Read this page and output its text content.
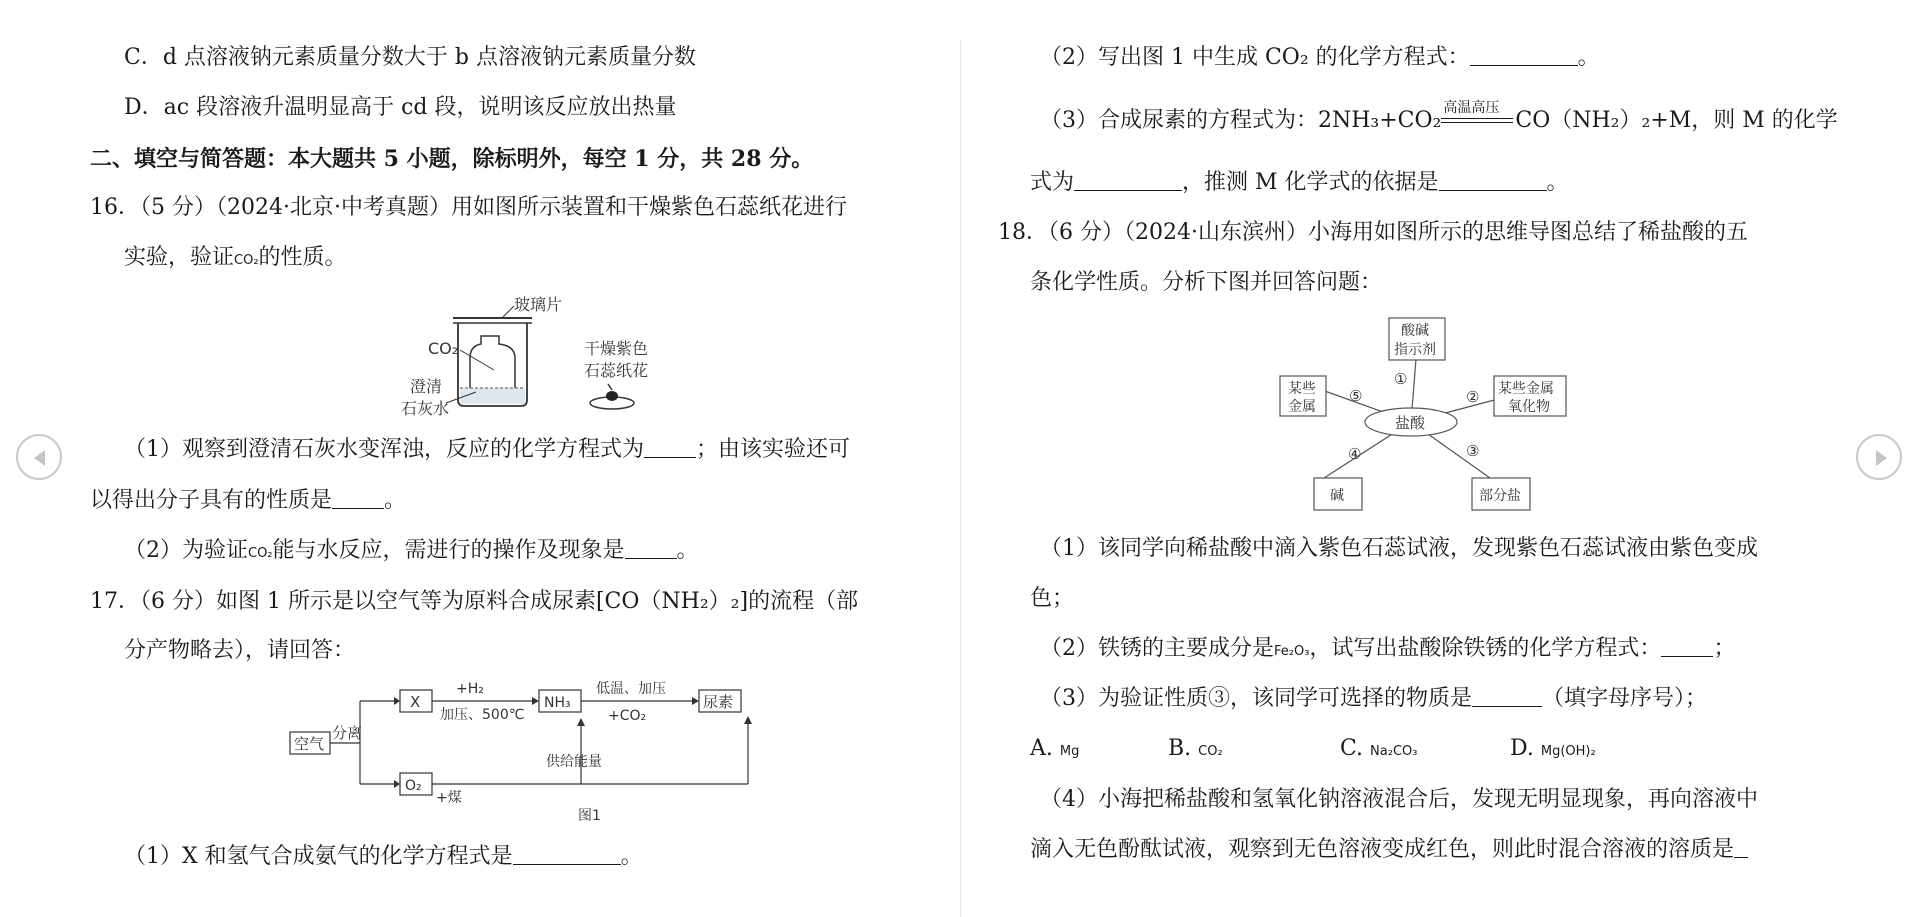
C．d 点溶液钠元素质量分数大于 b 点溶液钠元素质量分数
D．ac 段溶液升温明显高于 cd 段，说明该反应放出热量
二、填空与简答题：本大题共 5 小题，除标明外，每空 1 分，共 28 分。
16．（5 分）（2024·北京·中考真题）用如图所示装置和干燥紫色石蕊纸花进行
实验，验证CO₂的性质。
玻璃片
CO₂
澄清
石灰水
干燥紫色
石蕊纸花
（1）观察到澄清石灰水变浑浊，反应的化学方程式为 ；由该实验还可
以得出分子具有的性质是 。
（2）为验证CO₂能与水反应，需进行的操作及现象是 。
17．（6 分）如图 1 所示是以空气等为原料合成尿素[CO（NH₂）₂]的流程（部
分产物略去），请回答：
空气
分离
X
+H₂
加压、500℃
NH₃
低温、加压
+CO₂
尿素
O₂
供给能量
+煤
图1
（1）X 和氢气合成氨气的化学方程式是	。
（2）写出图 1 中生成 CO₂ 的化学方程式：	。
（3）合成尿素的方程式为：2NH₃+CO₂ 高温高压 CO（NH₂）₂+M，则 M 的化学
式为	，推测 M 化学式的依据是	。
18．（6 分）（2024·山东滨州）小海用如图所示的思维导图总结了稀盐酸的五
条化学性质。分析下图并回答问题：
盐酸
酸碱
指示剂
某些金属
氧化物
某些
金属
碱	部分盐
①
②
③
④
⑤
（1）该同学向稀盐酸中滴入紫色石蕊试液，发现紫色石蕊试液由紫色变成
色；
（2）铁锈的主要成分是Fe₂O₃，试写出盐酸除铁锈的化学方程式： ；
（3）为验证性质③，该同学可选择的物质是	（填字母序号）；
A. Mg	B. CO₂	C. Na₂CO₃	D. Mg(OH)₂
（4）小海把稀盐酸和氢氧化钠溶液混合后，发现无明显现象，再向溶液中
滴入无色酚酞试液，观察到无色溶液变成红色，则此时混合溶液的溶质是
